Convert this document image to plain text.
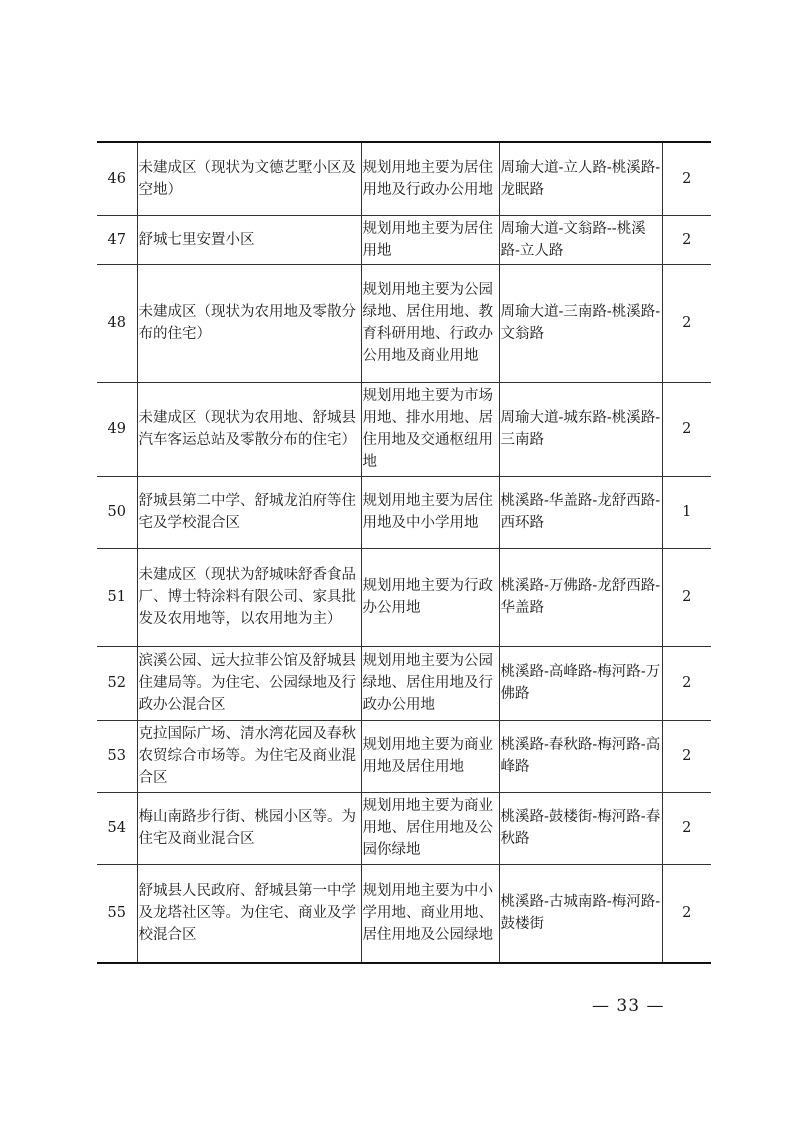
46	未建成区（现状为文德艺墅小区及空地）	规划用地主要为居住用地及行政办公用地	周瑜大道-立人路-桃溪路-龙眠路	2
47	舒城七里安置小区	规划用地主要为居住用地	周瑜大道-文翁路--桃溪路-立人路	2
48	未建成区（现状为农用地及零散分布的住宅）	规划用地主要为公园绿地、居住用地、教育科研用地、行政办公用地及商业用地	周瑜大道-三南路-桃溪路-文翁路	2
49	未建成区（现状为农用地、舒城县汽车客运总站及零散分布的住宅）	规划用地主要为市场用地、排水用地、居住用地及交通枢纽用地	周瑜大道-城东路-桃溪路-三南路	2
50	舒城县第二中学、舒城龙泊府等住宅及学校混合区	规划用地主要为居住用地及中小学用地	桃溪路-华盖路-龙舒西路-西环路	1
51	未建成区（现状为舒城味舒香食品厂、博士特涂料有限公司、家具批发及农用地等，以农用地为主）	规划用地主要为行政办公用地	桃溪路-万佛路-龙舒西路-华盖路	2
52	滨溪公园、远大拉菲公馆及舒城县住建局等。为住宅、公园绿地及行政办公混合区	规划用地主要为公园绿地、居住用地及行政办公用地	桃溪路-高峰路-梅河路-万佛路	2
53	克拉国际广场、清水湾花园及春秋农贸综合市场等。为住宅及商业混合区	规划用地主要为商业用地及居住用地	桃溪路-春秋路-梅河路-高峰路	2
54	梅山南路步行街、桃园小区等。为住宅及商业混合区	规划用地主要为商业用地、居住用地及公园你绿地	桃溪路-鼓楼街-梅河路-春秋路	2
55	舒城县人民政府、舒城县第一中学及龙塔社区等。为住宅、商业及学校混合区	规划用地主要为中小学用地、商业用地、居住用地及公园绿地	桃溪路-古城南路-梅河路-鼓楼街	2
— 33 —
